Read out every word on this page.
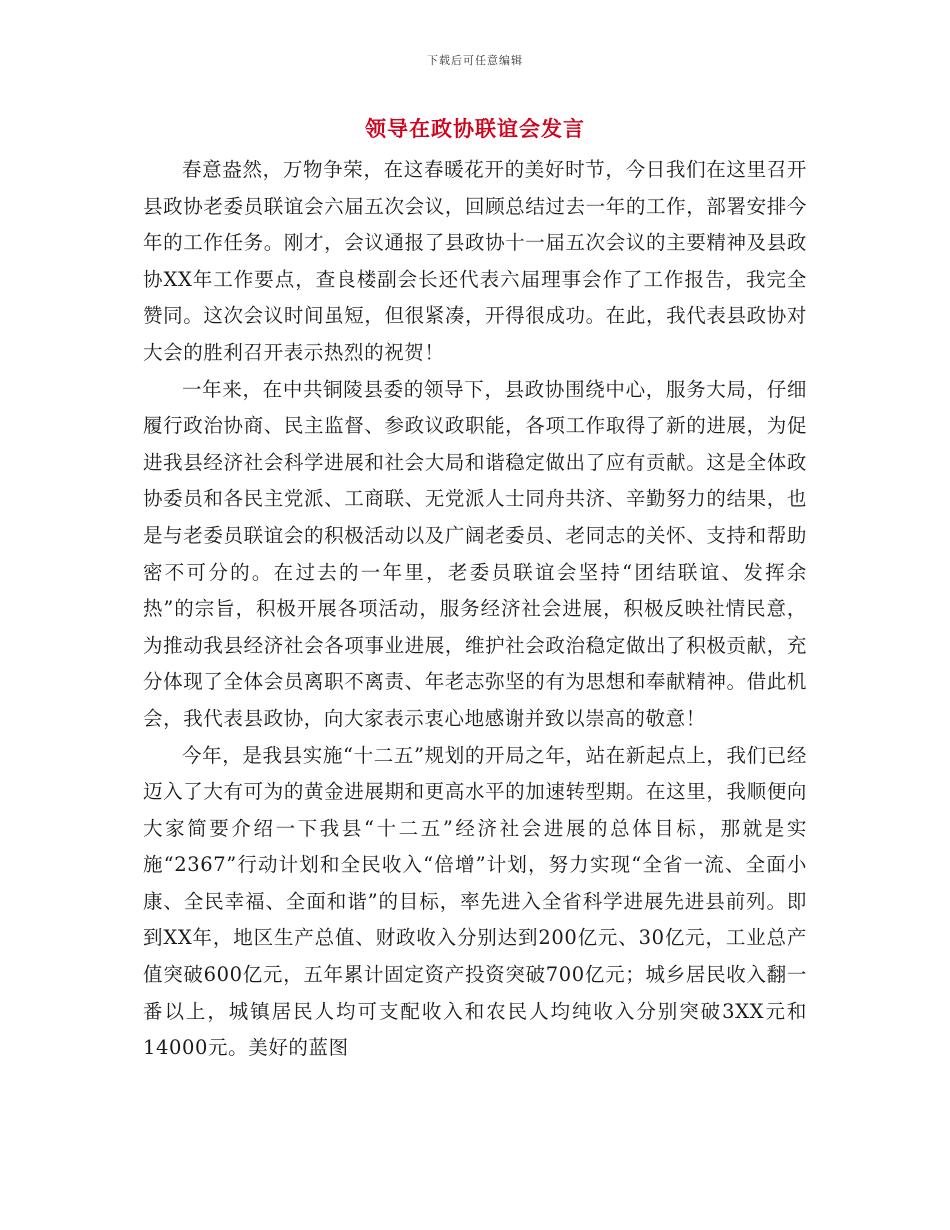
下载后可任意编辑
领导在政协联谊会发言

春意盎然，万物争荣，在这春暖花开的美好时节，今日我们在这里召开县政协老委员联谊会六届五次会议，回顾总结过去一年的工作，部署安排今年的工作任务。刚才，会议通报了县政协十一届五次会议的主要精神及县政协XX年工作要点，查良楼副会长还代表六届理事会作了工作报告，我完全赞同。这次会议时间虽短，但很紧凑，开得很成功。在此，我代表县政协对大会的胜利召开表示热烈的祝贺！

一年来，在中共铜陵县委的领导下，县政协围绕中心，服务大局，仔细履行政治协商、民主监督、参政议政职能，各项工作取得了新的进展，为促进我县经济社会科学进展和社会大局和谐稳定做出了应有贡献。这是全体政协委员和各民主党派、工商联、无党派人士同舟共济、辛勤努力的结果，也是与老委员联谊会的积极活动以及广阔老委员、老同志的关怀、支持和帮助密不可分的。在过去的一年里，老委员联谊会坚持“团结联谊、发挥余热”的宗旨，积极开展各项活动，服务经济社会进展，积极反映社情民意，为推动我县经济社会各项事业进展，维护社会政治稳定做出了积极贡献，充分体现了全体会员离职不离责、年老志弥坚的有为思想和奉献精神。借此机会，我代表县政协，向大家表示衷心地感谢并致以崇高的敬意！

今年，是我县实施“十二五”规划的开局之年，站在新起点上，我们已经迈入了大有可为的黄金进展期和更高水平的加速转型期。在这里，我顺便向大家简要介绍一下我县“十二五”经济社会进展的总体目标，那就是实施“2367”行动计划和全民收入“倍增”计划，努力实现“全省一流、全面小康、全民幸福、全面和谐”的目标，率先进入全省科学进展先进县前列。即到XX年，地区生产总值、财政收入分别达到200亿元、30亿元，工业总产值突破600亿元，五年累计固定资产投资突破700亿元；城乡居民收入翻一番以上，城镇居民人均可支配收入和农民人均纯收入分别突破3XX元和14000元。美好的蓝图
